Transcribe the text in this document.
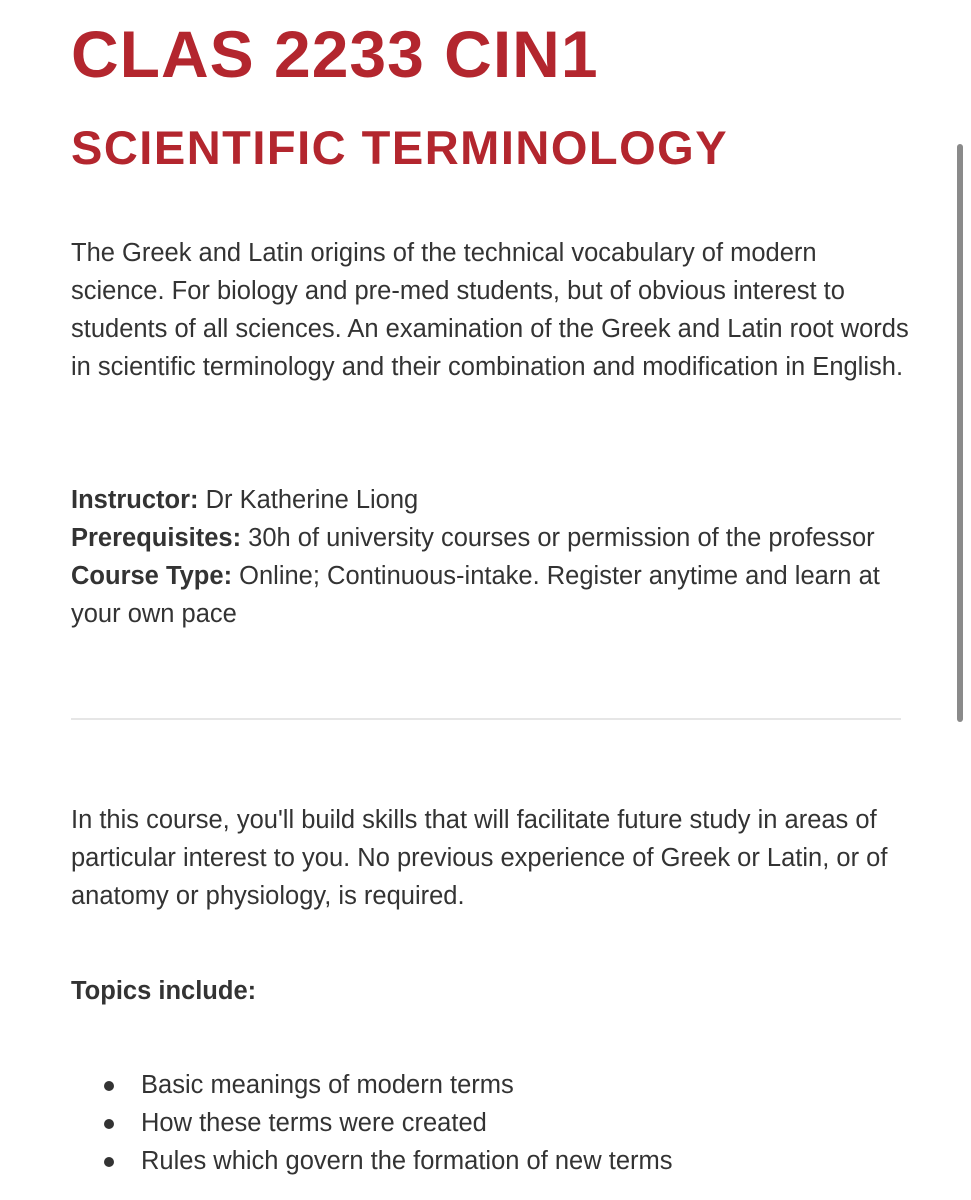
CLAS 2233 CIN1
SCIENTIFIC TERMINOLOGY

The Greek and Latin origins of the technical vocabulary of modern science. For biology and pre-med students, but of obvious interest to students of all sciences. An examination of the Greek and Latin root words in scientific terminology and their combination and modification in English.

Instructor: Dr Katherine Liong
Prerequisites: 30h of university courses or permission of the professor
Course Type: Online; Continuous-intake. Register anytime and learn at your own pace

In this course, you'll build skills that will facilitate future study in areas of particular interest to you. No previous experience of Greek or Latin, or of anatomy or physiology, is required.

Topics include:

Basic meanings of modern terms
How these terms were created
Rules which govern the formation of new terms
